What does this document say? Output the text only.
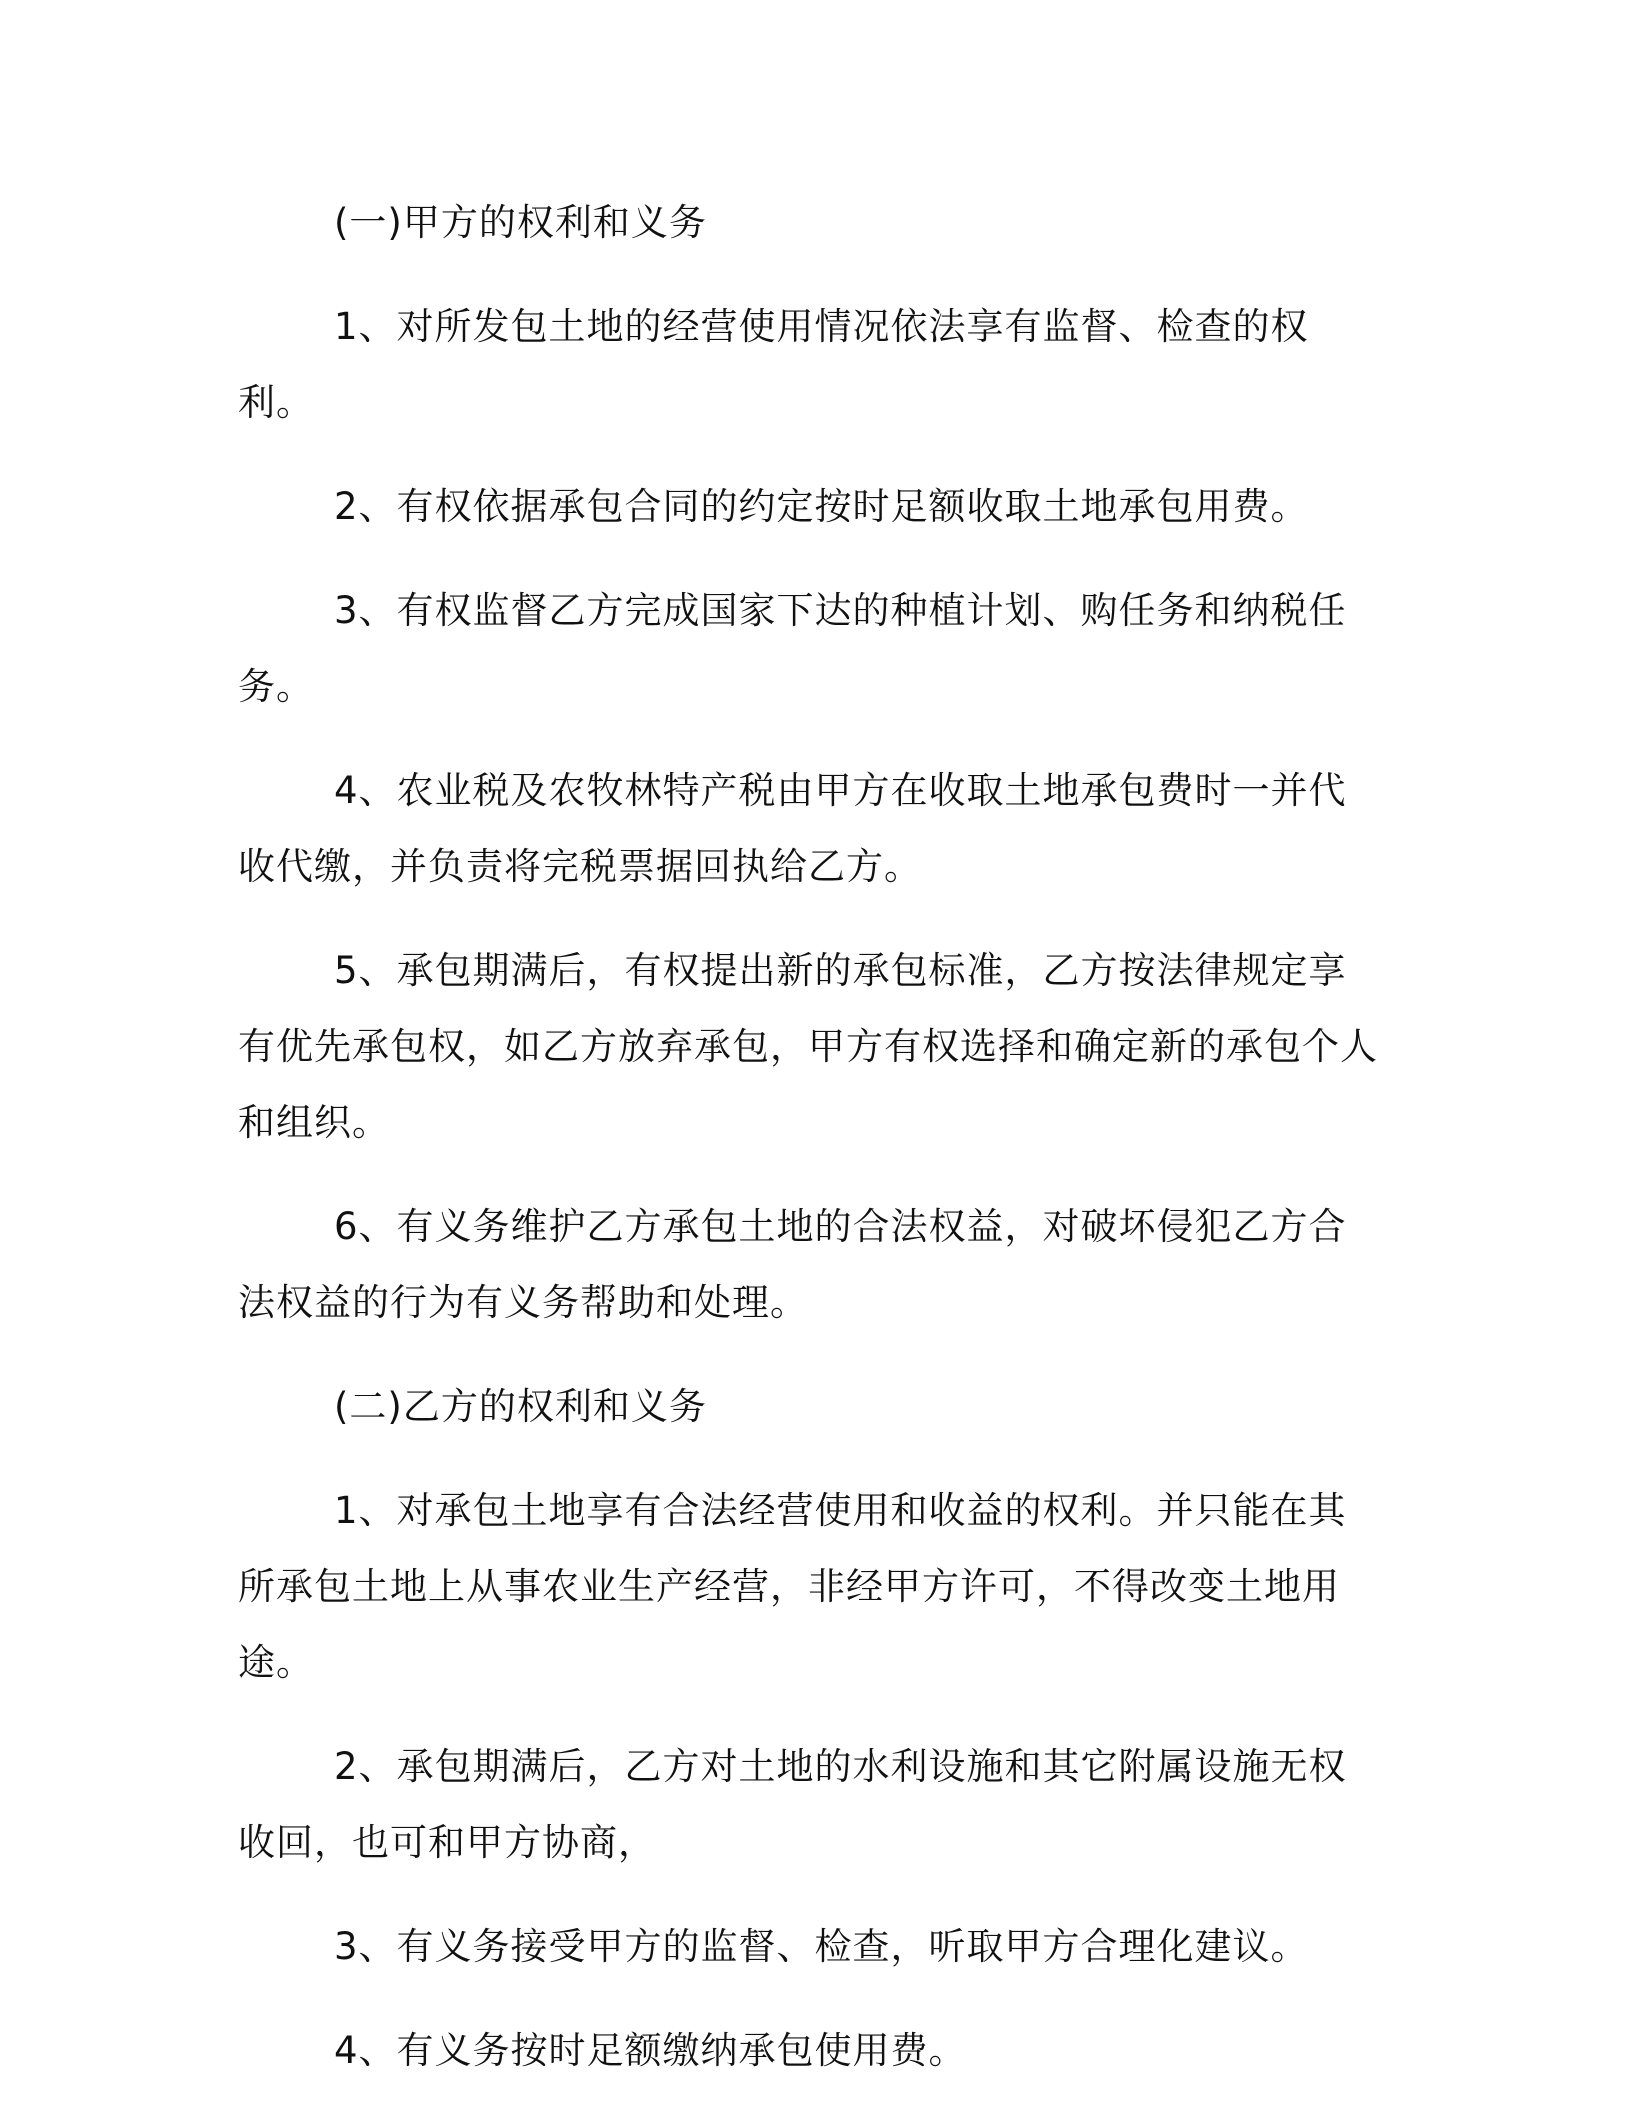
(一)甲方的权利和义务

1、对所发包土地的经营使用情况依法享有监督、检查的权利。

2、有权依据承包合同的约定按时足额收取土地承包用费。

3、有权监督乙方完成国家下达的种植计划、购任务和纳税任务。

4、农业税及农牧林特产税由甲方在收取土地承包费时一并代收代缴，并负责将完税票据回执给乙方。

5、承包期满后，有权提出新的承包标准，乙方按法律规定享有优先承包权，如乙方放弃承包，甲方有权选择和确定新的承包个人和组织。

6、有义务维护乙方承包土地的合法权益，对破坏侵犯乙方合法权益的行为有义务帮助和处理。

(二)乙方的权利和义务

1、对承包土地享有合法经营使用和收益的权利。并只能在其所承包土地上从事农业生产经营，非经甲方许可，不得改变土地用途。

2、承包期满后，乙方对土地的水利设施和其它附属设施无权收回，也可和甲方协商，

3、有义务接受甲方的监督、检查，听取甲方合理化建议。

4、有义务按时足额缴纳承包使用费。
